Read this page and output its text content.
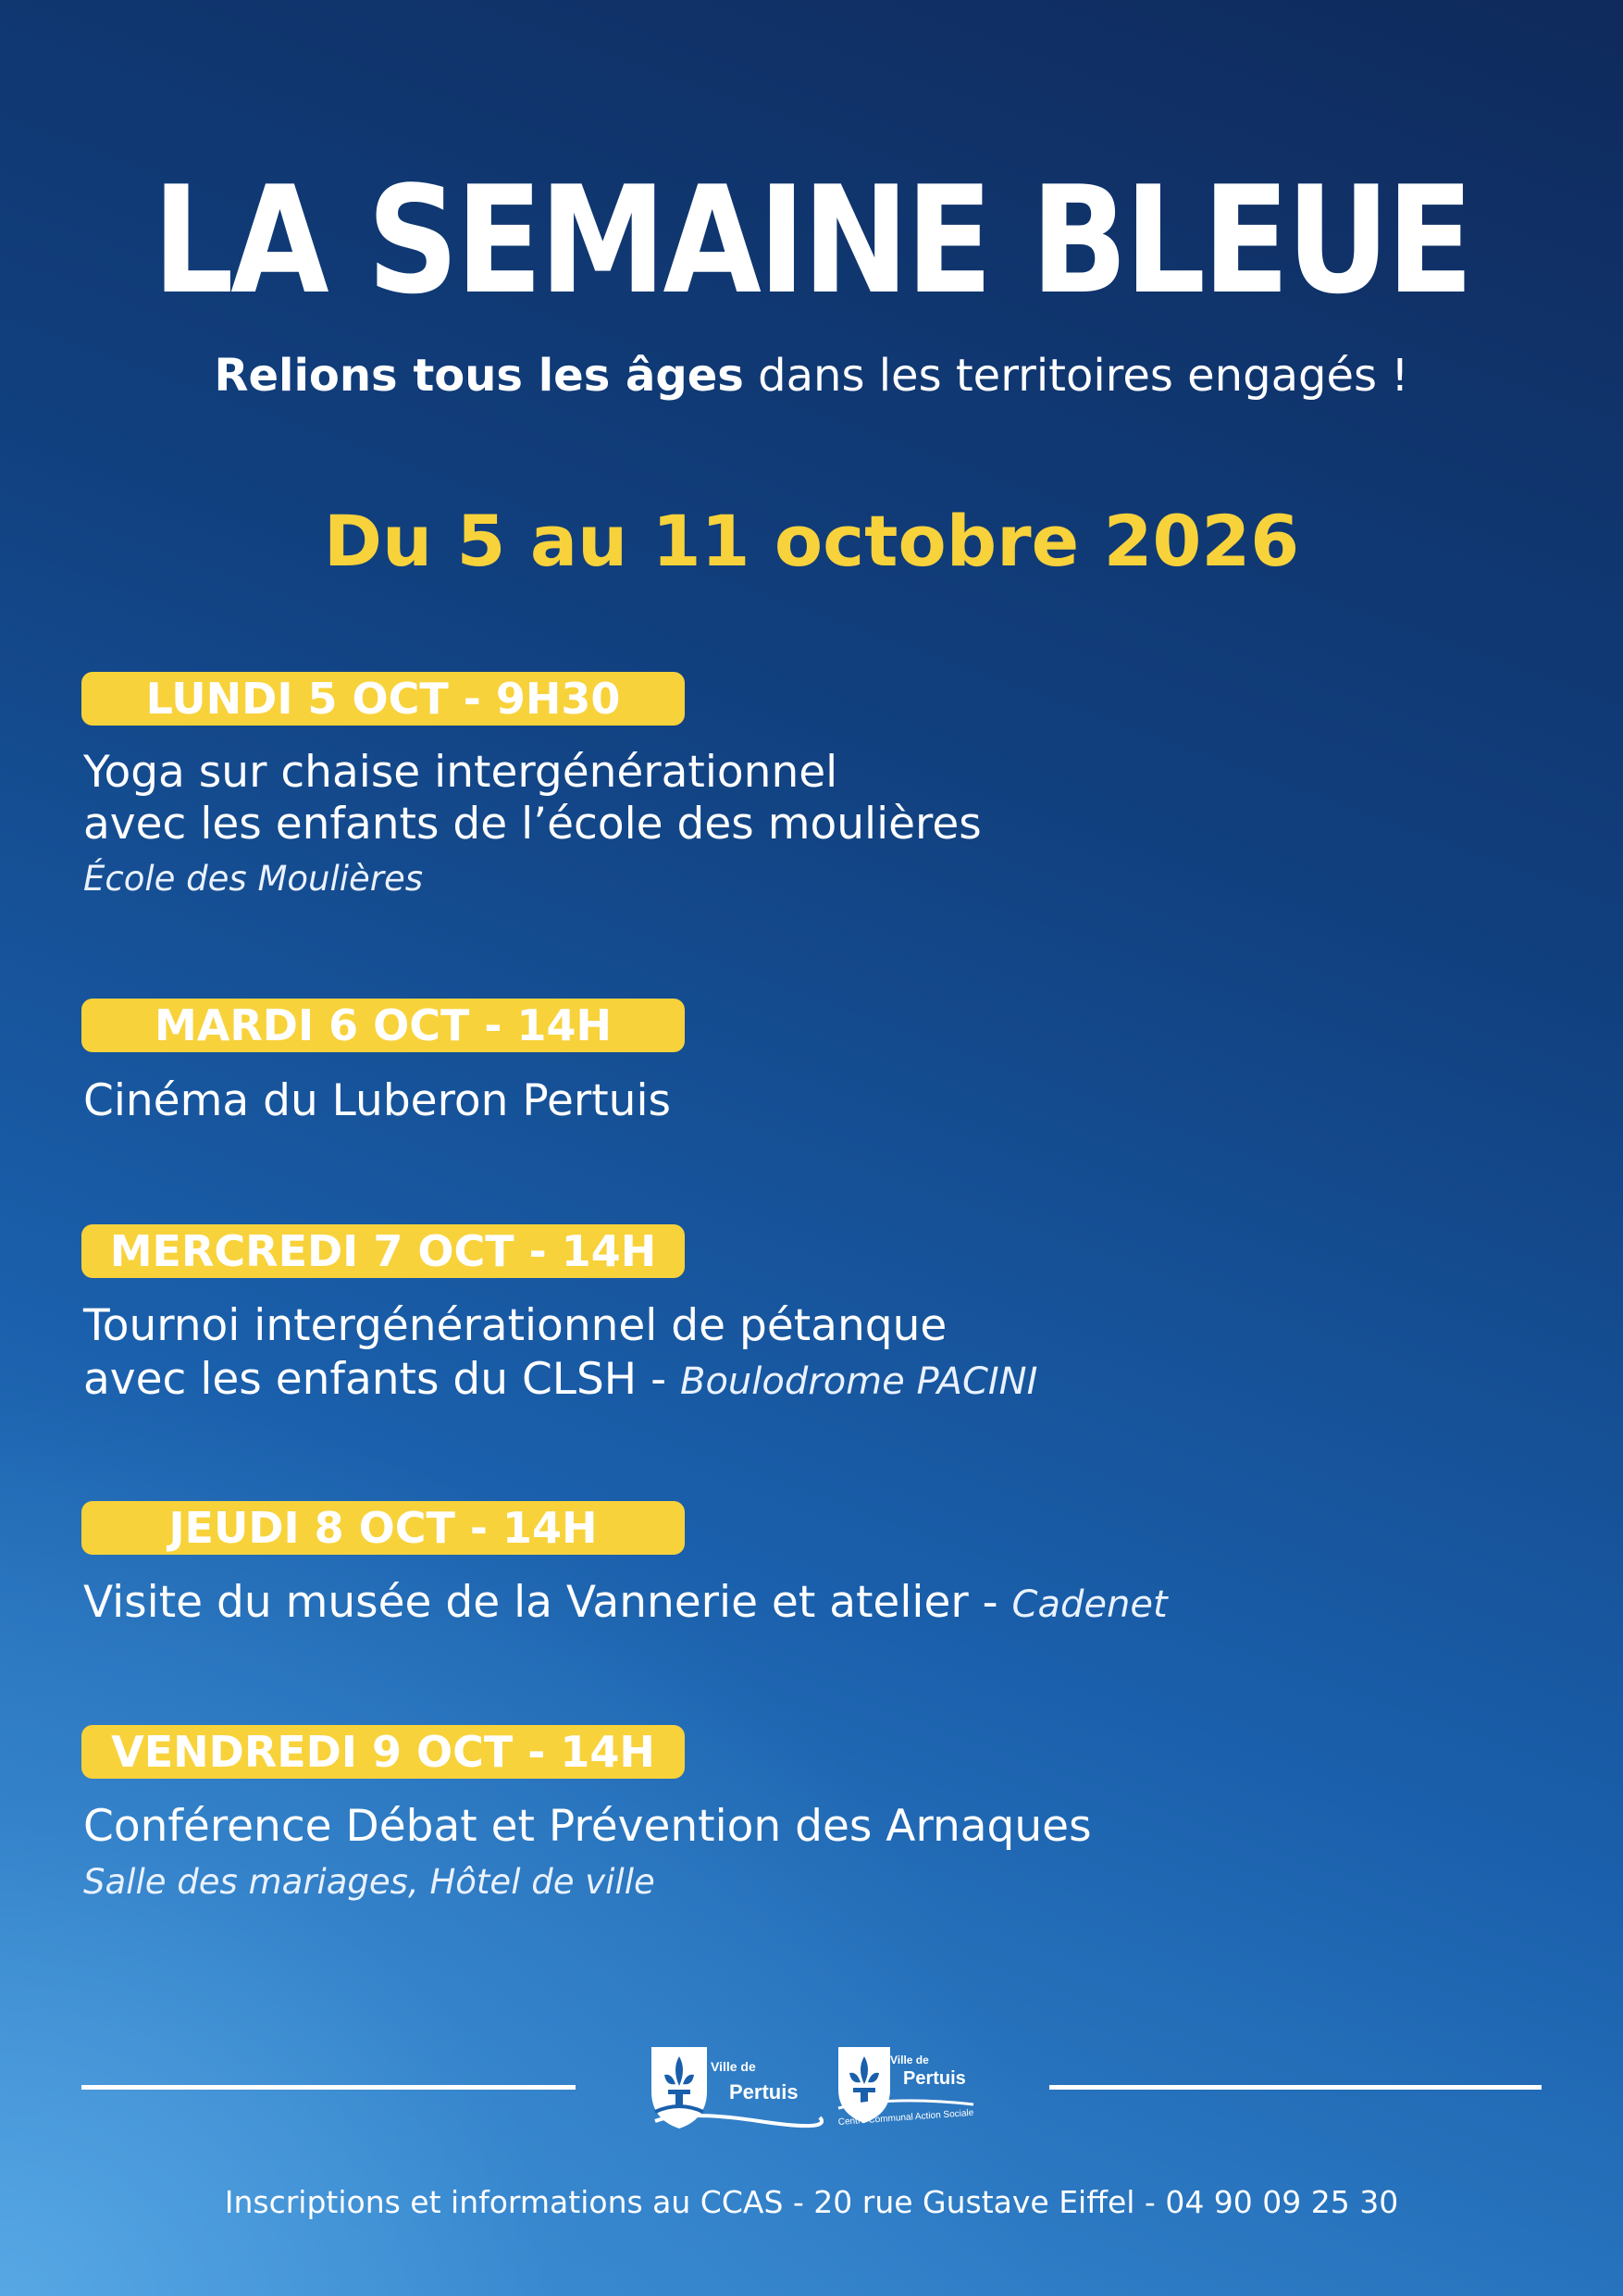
LA SEMAINE BLEUE
Relions tous les âges dans les territoires engagés !
Du 5 au 11 octobre 2026
LUNDI 5 OCT - 9H30
Yoga sur chaise intergénérationnel
avec les enfants de l’école des moulières
École des Moulières
MARDI 6 OCT - 14H
Cinéma du Luberon Pertuis
MERCREDI 7 OCT - 14H
Tournoi intergénérationnel de pétanque
avec les enfants du CLSH - Boulodrome PACINI
JEUDI 8 OCT - 14H
Visite du musée de la Vannerie et atelier - Cadenet
VENDREDI 9 OCT - 14H
Conférence Débat et Prévention des Arnaques
Salle des mariages, Hôtel de ville
Ville de
Pertuis
Ville de
Pertuis
Centre Communal Action Sociale
Inscriptions et informations au CCAS - 20 rue Gustave Eiffel - 04 90 09 25 30
